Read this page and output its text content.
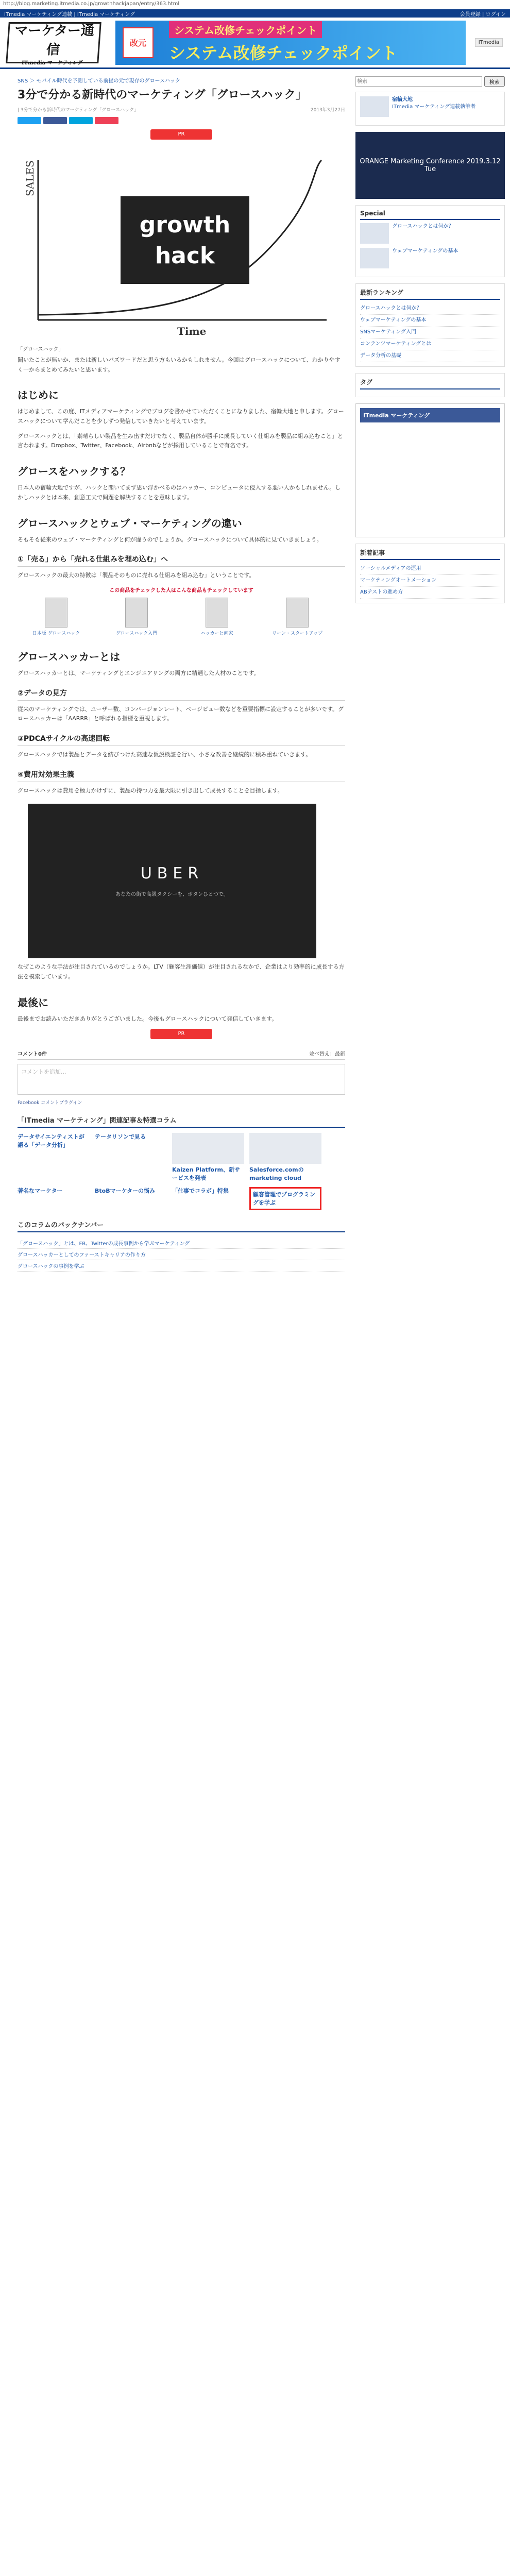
http://blog.marketing.itmedia.co.jp/growthhackjapan/entry/363.html
ITmedia マーケティング連載 | ITmedia マーケティング	会員登録 | ログイン
マーケター通信
ITmedia マーケティング
改元
システム改修チェックポイント
システム改修チェックポイント
ITmedia
SNS ＞ モバイル時代を予測している前提の元で現存のグロースハック
3分で分かる新時代のマーケティング「グロースハック」
| 3分で分かる新時代のマーケティング「グロースハック」	2013年3月27日
PR
growth
hack
SALES
Time
「グロースハック」

聞いたことが無いか、または新しいバズワードだと思う方もいるかもしれません。今回はグロースハックについて、わかりやすく一からまとめてみたいと思います。

はじめに

はじめまして、この度、ITメディアマーケティングでブログを書かせていただくことになりました、宿輪大地と申します。グロースハックについて学んだことを少しずつ発信していきたいと考えています。

グロースハックとは、「素晴らしい製品を生み出すだけでなく、製品自体が勝手に成長していく仕組みを製品に組み込むこと」と言われます。Dropbox、Twitter、Facebook、Airbnbなどが採用していることで有名です。

グロースをハックする？

日本人の宿輪大地ですが、ハックと聞いてまず思い浮かべるのはハッカー、コンピュータに侵入する悪い人かもしれません。しかしハックとは本来、創意工夫で問題を解決することを意味します。

グロースハックとウェブ・マーケティングの違い

そもそも従来のウェブ・マーケティングと何が違うのでしょうか。グロースハックについて具体的に見ていきましょう。

①「売る」から「売れる仕組みを埋め込む」へ

グロースハックの最大の特徴は「製品そのものに売れる仕組みを組み込む」ということです。

この商品をチェックした人はこんな商品もチェックしています
日本版 グロースハック	グロースハック入門	ハッカーと画家	リーン・スタートアップ
グロースハッカーとは

グロースハッカーとは、マーケティングとエンジニアリングの両方に精通した人材のことです。

②データの見方

従来のマーケティングでは、ユーザー数、コンバージョンレート、ページビュー数などを重要指標に設定することが多いです。グロースハッカーは「AARRR」と呼ばれる指標を重視します。

③PDCAサイクルの高速回転

グロースハックでは製品とデータを結びつけた高速な仮説検証を行い、小さな改善を継続的に積み重ねていきます。

④費用対効果主義

グロースハックは費用を極力かけずに、製品の持つ力を最大限に引き出して成長することを目指します。

UBER
あなたの街で高級タクシーを、ボタンひとつで。

なぜこのような手法が注目されているのでしょうか。LTV（顧客生涯価値）が注目されるなかで、企業はより効率的に成長する方法を模索しています。

最後に

最後までお読みいただきありがとうございました。今後もグロースハックについて発信していきます。

PR
コメント0件	並べ替え：最新
コメントを追加...
Facebook コメントプラグイン
「ITmedia マーケティング」関連記事＆特選コラム
データサイエンティストが語る「データ分析」
テータリソンで見る
Kaizen Platform、新サービスを発表
Salesforce.comのmarketing cloud
著名なマーケター	BtoBマーケターの悩み	「仕事でコラボ」特集
顧客管理でプログラミングを学ぶ
このコラムのバックナンバー
「グロースハック」とは、FB、Twitterの成長事例から学ぶマーケティング
グロースハッカーとしてのファーストキャリアの作り方
グロースハックの事例を学ぶ
検索
検索
宿輪大地
ITmedia マーケティング連載執筆者
ORANGE Marketing Conference 2019.3.12 Tue
Special
グロースハックとは何か？
ウェブマーケティングの基本
最新ランキング
グロースハックとは何か？
ウェブマーケティングの基本
SNSマーケティング入門
コンテンツマーケティングとは
データ分析の基礎
タグ
ITmedia マーケティング
新着記事
ソーシャルメディアの運用
マーケティングオートメーション
ABテストの進め方
